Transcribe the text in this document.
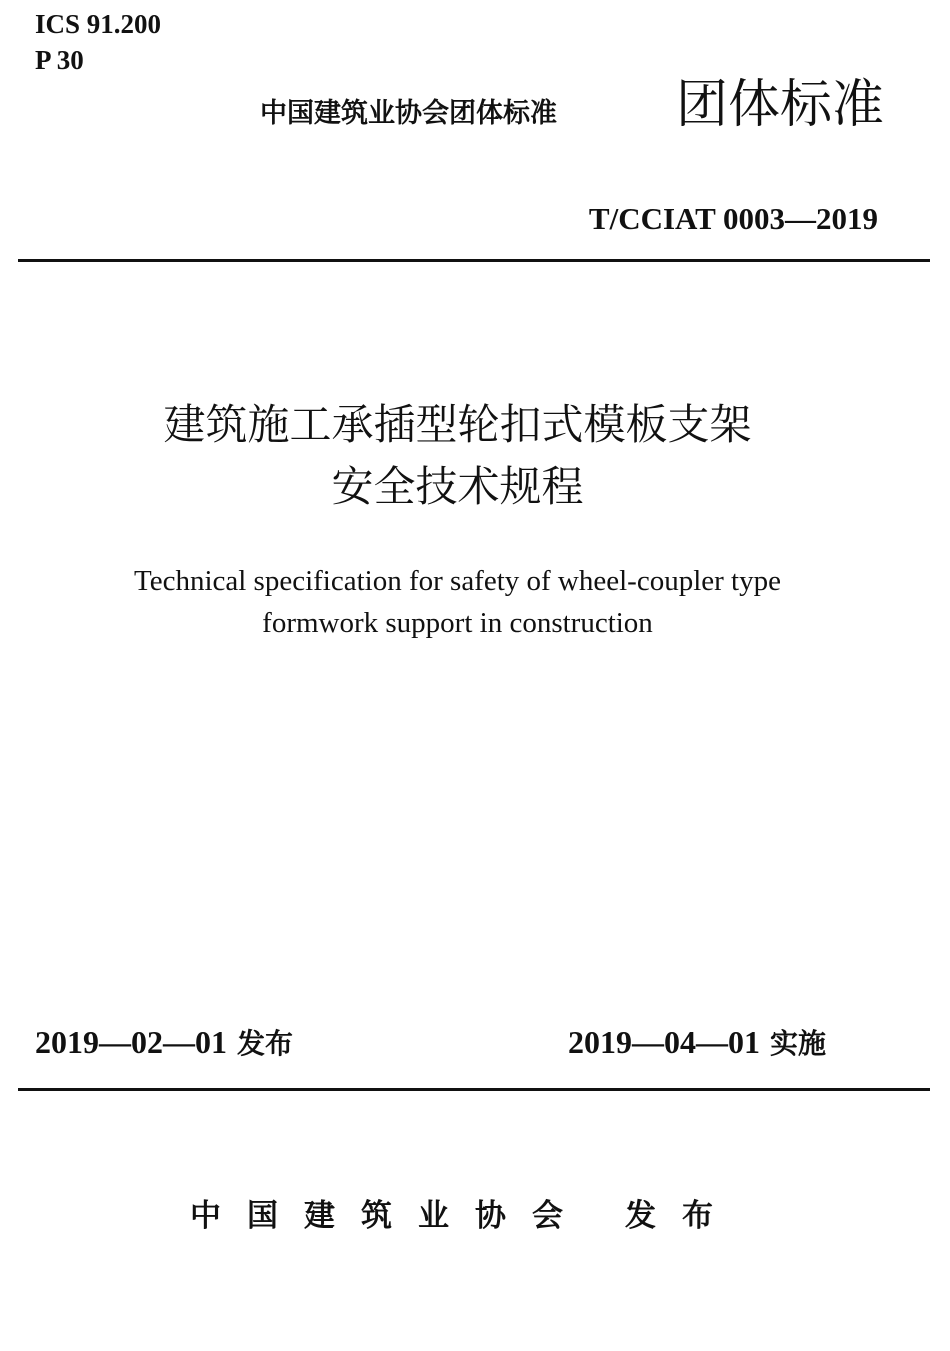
ICS 91.200
P 30
中国建筑业协会团体标准 团体标准
T/CCIAT 0003—2019
建筑施工承插型轮扣式模板支架
安全技术规程
Technical specification for safety of wheel-coupler type
formwork support in construction
2019—02—01 发布	2019—04—01 实施
中国建筑业协会 发布
